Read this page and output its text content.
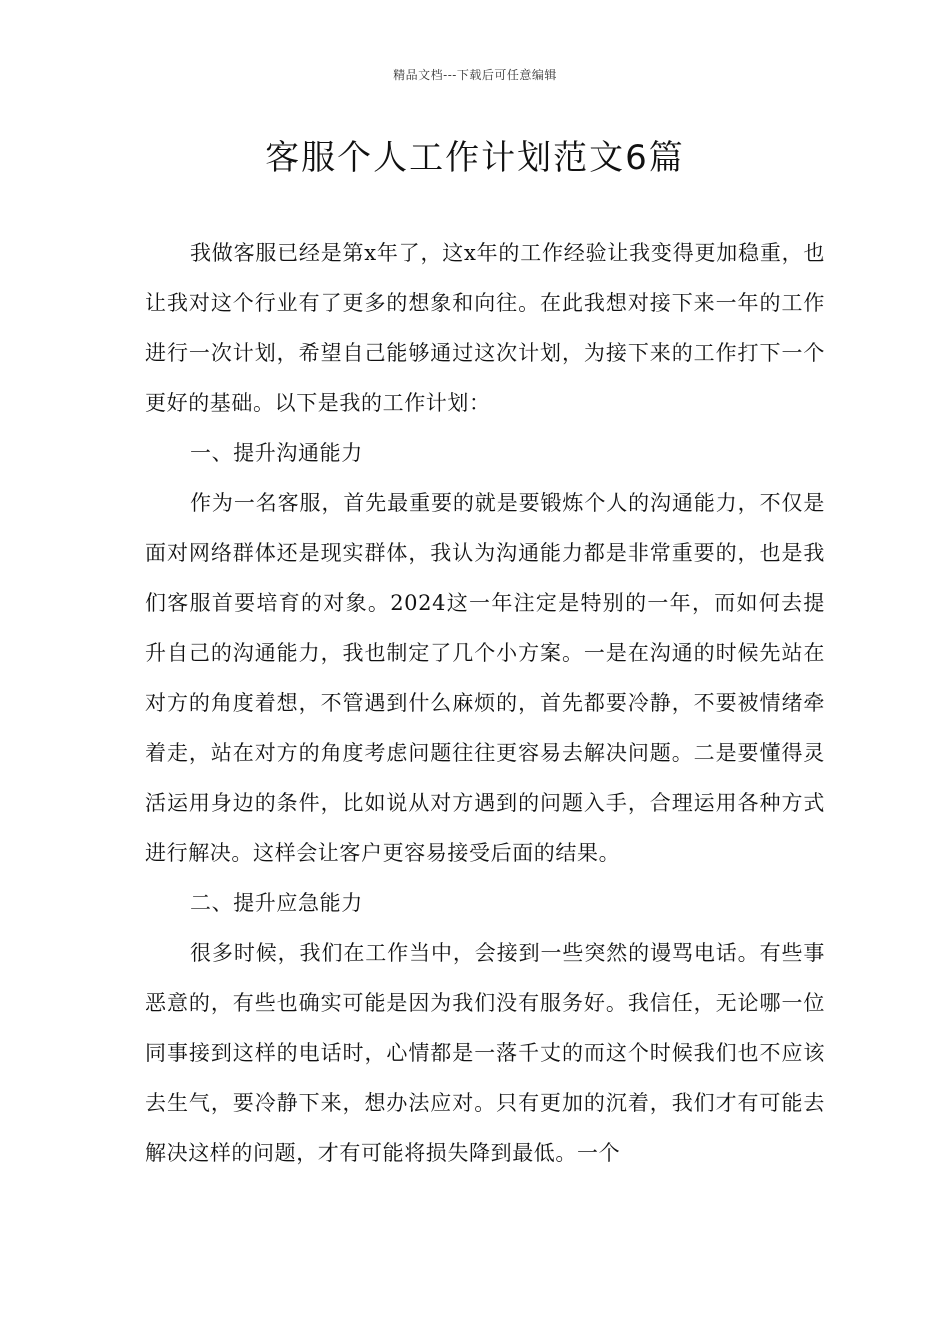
精品文档---下载后可任意编辑
客服个人工作计划范文6篇

我做客服已经是第x年了，这x年的工作经验让我变得更加稳重，也让我对这个行业有了更多的想象和向往。在此我想对接下来一年的工作进行一次计划，希望自己能够通过这次计划，为接下来的工作打下一个更好的基础。以下是我的工作计划：

一、提升沟通能力

作为一名客服，首先最重要的就是要锻炼个人的沟通能力，不仅是面对网络群体还是现实群体，我认为沟通能力都是非常重要的，也是我们客服首要培育的对象。2024这一年注定是特别的一年，而如何去提升自己的沟通能力，我也制定了几个小方案。一是在沟通的时候先站在对方的角度着想，不管遇到什么麻烦的，首先都要冷静，不要被情绪牵着走，站在对方的角度考虑问题往往更容易去解决问题。二是要懂得灵活运用身边的条件，比如说从对方遇到的问题入手，合理运用各种方式进行解决。这样会让客户更容易接受后面的结果。

二、提升应急能力

很多时候，我们在工作当中，会接到一些突然的谩骂电话。有些事恶意的，有些也确实可能是因为我们没有服务好。我信任，无论哪一位同事接到这样的电话时，心情都是一落千丈的而这个时候我们也不应该去生气，要冷静下来，想办法应对。只有更加的沉着，我们才有可能去解决这样的问题，才有可能将损失降到最低。一个
